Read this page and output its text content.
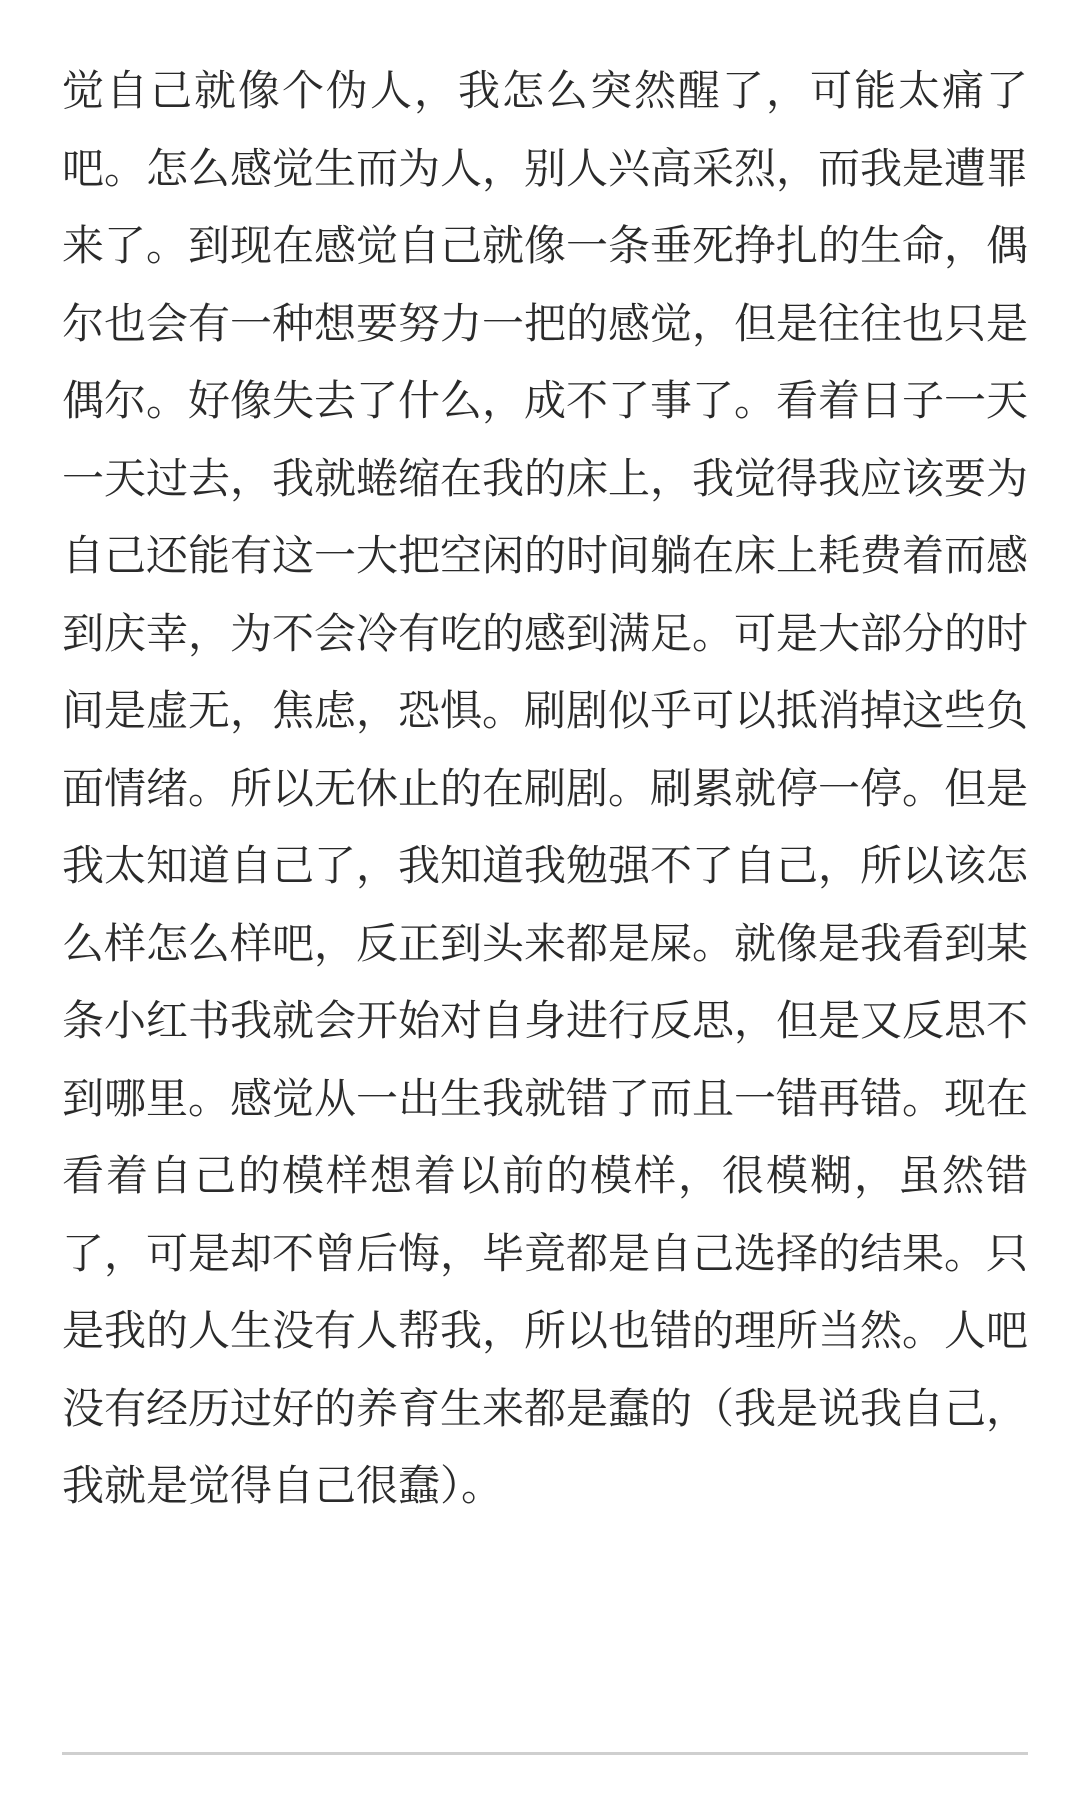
觉自己就像个伪人，我怎么突然醒了，可能太痛了
吧。怎么感觉生而为人，别人兴高采烈，而我是遭罪
来了。到现在感觉自己就像一条垂死挣扎的生命，偶
尔也会有一种想要努力一把的感觉，但是往往也只是
偶尔。好像失去了什么，成不了事了。看着日子一天
一天过去，我就蜷缩在我的床上，我觉得我应该要为
自己还能有这一大把空闲的时间躺在床上耗费着而感
到庆幸，为不会冷有吃的感到满足。可是大部分的时
间是虚无，焦虑，恐惧。刷剧似乎可以抵消掉这些负
面情绪。所以无休止的在刷剧。刷累就停一停。但是
我太知道自己了，我知道我勉强不了自己，所以该怎
么样怎么样吧，反正到头来都是屎。就像是我看到某
条小红书我就会开始对自身进行反思，但是又反思不
到哪里。感觉从一出生我就错了而且一错再错。现在
看着自己的模样想着以前的模样，很模糊，虽然错
了，可是却不曾后悔，毕竟都是自己选择的结果。只
是我的人生没有人帮我，所以也错的理所当然。人吧
没有经历过好的养育生来都是蠢的（我是说我自己，
我就是觉得自己很蠢）。
